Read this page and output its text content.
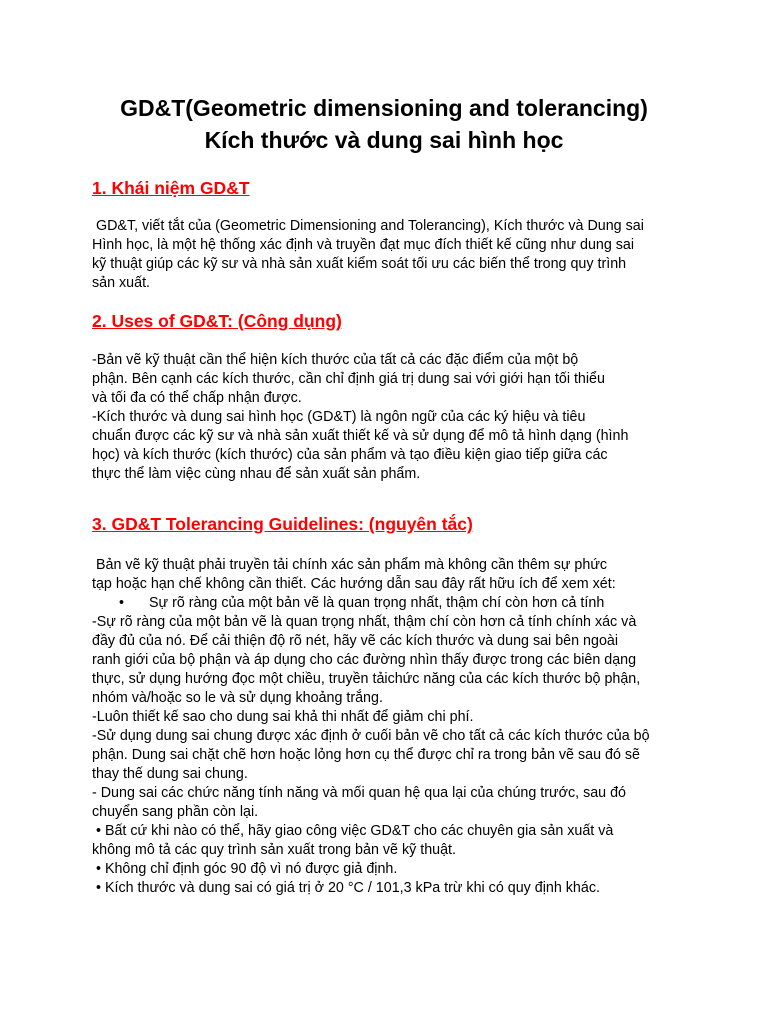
GD&T(Geometric dimensioning and tolerancing)
Kích thước và dung sai hình học
1. Khái niệm GD&T
GD&T, viết tắt của (Geometric Dimensioning and Tolerancing), Kích thước và Dung sai
Hình học, là một hệ thống xác định và truyền đạt mục đích thiết kế cũng như dung sai
kỹ thuật giúp các kỹ sư và nhà sản xuất kiểm soát tối ưu các biến thể trong quy trình
sản xuất.
2. Uses of GD&T: (Công dụng)
-Bản vẽ kỹ thuật cần thể hiện kích thước của tất cả các đặc điểm của một bộ
phận. Bên cạnh các kích thước, cần chỉ định giá trị dung sai với giới hạn tối thiểu
và tối đa có thể chấp nhận được.
-Kích thước và dung sai hình học (GD&T) là ngôn ngữ của các ký hiệu và tiêu
chuẩn được các kỹ sư và nhà sản xuất thiết kế và sử dụng để mô tả hình dạng (hình
học) và kích thước (kích thước) của sản phẩm và tạo điều kiện giao tiếp giữa các
thực thể làm việc cùng nhau để sản xuất sản phẩm.
3. GD&T Tolerancing Guidelines: (nguyên tắc)
Bản vẽ kỹ thuật phải truyền tải chính xác sản phẩm mà không cần thêm sự phức
tạp hoặc hạn chế không cần thiết. Các hướng dẫn sau đây rất hữu ích để xem xét:
• Sự rõ ràng của một bản vẽ là quan trọng nhất, thậm chí còn hơn cả tính
-Sự rõ ràng của một bản vẽ là quan trọng nhất, thậm chí còn hơn cả tính chính xác và
đầy đủ của nó. Để cải thiện độ rõ nét, hãy vẽ các kích thước và dung sai bên ngoài
ranh giới của bộ phận và áp dụng cho các đường nhìn thấy được trong các biên dạng
thực, sử dụng hướng đọc một chiều, truyền tảichức năng của các kích thước bộ phận,
nhóm và/hoặc so le và sử dụng khoảng trắng.
-Luôn thiết kế sao cho dung sai khả thi nhất để giảm chi phí.
-Sử dụng dung sai chung được xác định ở cuối bản vẽ cho tất cả các kích thước của bộ
phận. Dung sai chặt chẽ hơn hoặc lỏng hơn cụ thể được chỉ ra trong bản vẽ sau đó sẽ
thay thế dung sai chung.
- Dung sai các chức năng tính năng và mối quan hệ qua lại của chúng trước, sau đó
chuyển sang phần còn lại.
• Bất cứ khi nào có thể, hãy giao công việc GD&T cho các chuyên gia sản xuất và
không mô tả các quy trình sản xuất trong bản vẽ kỹ thuật.
• Không chỉ định góc 90 độ vì nó được giả định.
• Kích thước và dung sai có giá trị ở 20 °C / 101,3 kPa trừ khi có quy định khác.
